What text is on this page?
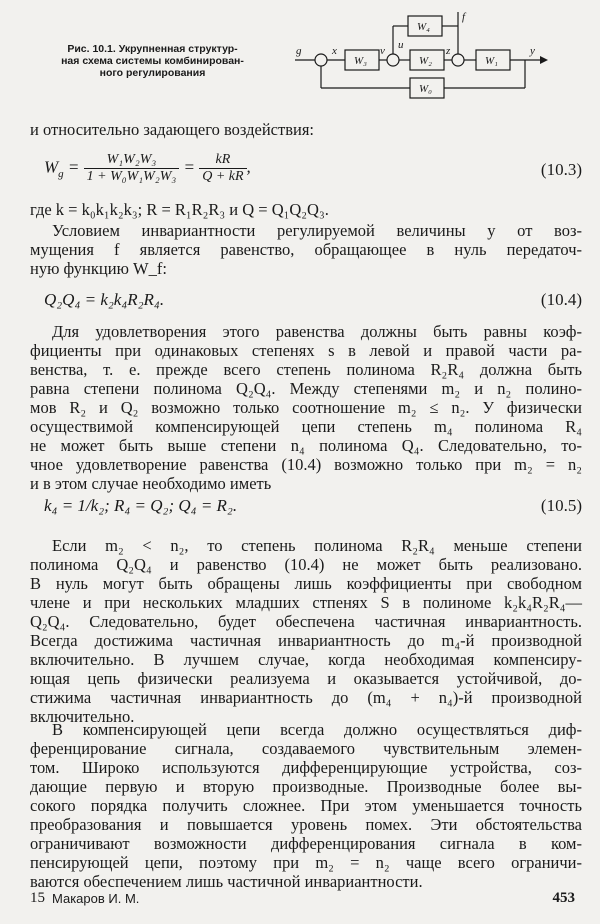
Рис. 10.1. Укрупненная структур-
ная схема системы комбинирован-
ного регулирования
g	x	v u	z	y
f
W₃	W₂
W₄
W₁
W₀
и относительно задающего воздействия:
$W_g = \frac{\text{W₁W₂W₃}}{\text{1 + W₀W₁W₂W₃}} = \frac{kR}{Q + kR}$ ,	(10.3)
где k = k₀k₁k₂k₃; R = R₁R₂R₃ и Q = Q₁Q₂Q₃.
Условием инвариантности регулируемой величины y от воз-
мущения f является равенство, обращающее в нуль передаточ-
ную функцию W_f:
Q₂Q₄ = k₂k₄R₂R₄.	(10.4)
Для удовлетворения этого равенства должны быть равны коэф-
фициенты при одинаковых степенях s в левой и правой части ра-
венства, т. е. прежде всего степень полинома R₂R₄ должна быть
равна степени полинома Q₂Q₄. Между степенями m₂ и n₂ полино-
мов R₂ и Q₂ возможно только соотношение m₂ ≤ n₂. У физически
осуществимой компенсирующей цепи степень m₄ полинома R₄
не может быть выше степени n₄ полинома Q₄. Следовательно, то-
чное удовлетворение равенства (10.4) возможно только при m₂ = n₂
и в этом случае необходимо иметь
k₄ = 1/k₂; R₄ = Q₂; Q₄ = R₂.	(10.5)
Если m₂ < n₂, то степень полинома R₂R₄ меньше степени
полинома Q₂Q₄ и равенство (10.4) не может быть реализовано.
В нуль могут быть обращены лишь коэффициенты при свободном
члене и при нескольких младших стпенях S в полиноме k₂k₄R₂R₄—
Q₂Q₄. Следовательно, будет обеспечена частичная инвариантность.
Всегда достижима частичная инвариантность до m₄-й производной
включительно. В лучшем случае, когда необходимая компенсиру-
ющая цепь физически реализуема и оказывается устойчивой, до-
стижима частичная инвариантность до (m₄ + n₄)-й производной
включительно.
В компенсирующей цепи всегда должно осуществляться диф-
ференцирование сигнала, создаваемого чувствительным элемен-
том. Широко используются дифференцирующие устройства, соз-
дающие первую и вторую производные. Производные более вы-
сокого порядка получить сложнее. При этом уменьшается точность
преобразования и повышается уровень помех. Эти обстоятельства
ограничивают возможности дифференцирования сигнала в ком-
пенсирующей цепи, поэтому при m₂ = n₂ чаще всего ограничи-
ваются обеспечением лишь частичной инвариантности.
15 Макаров И. М.	453
